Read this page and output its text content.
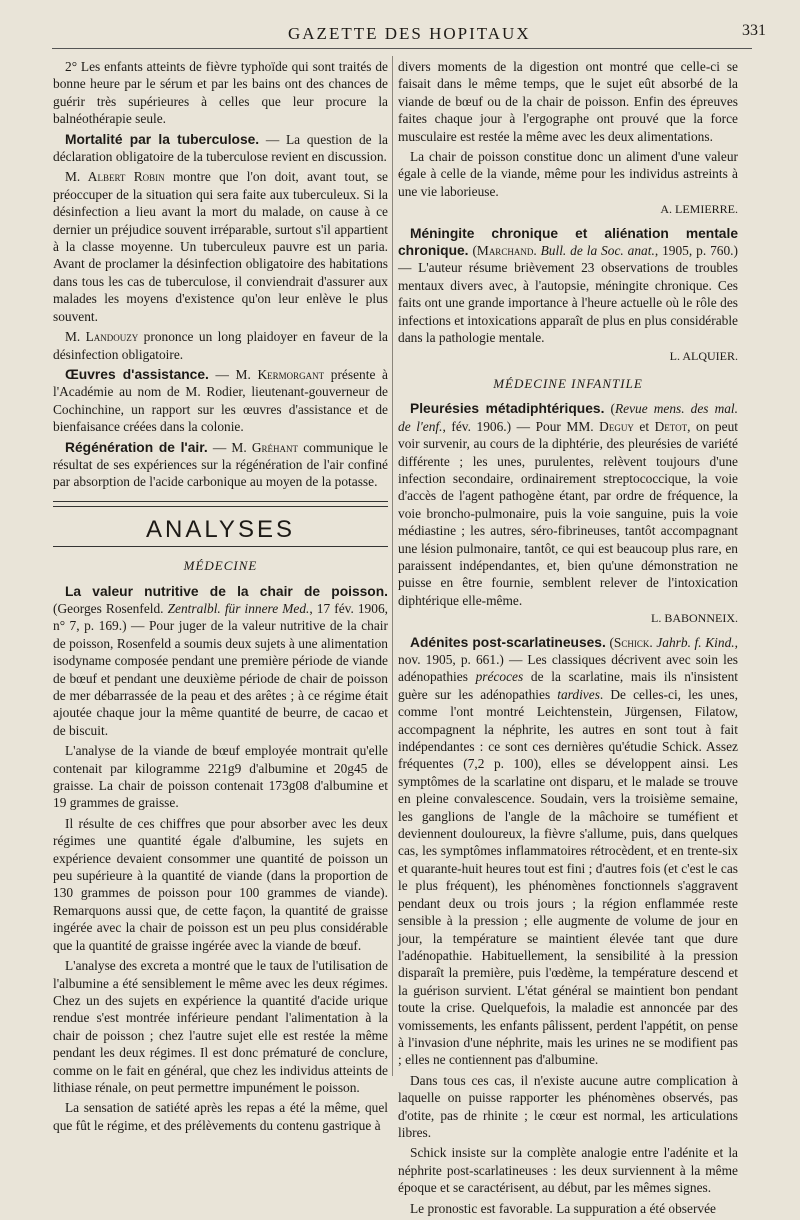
GAZETTE DES HOPITAUX	331

2° Les enfants atteints de fièvre typhoïde qui sont traités de bonne heure par le sérum et par les bains ont des chances de guérir très supérieures à celles que leur procure la balnéothérapie seule.

Mortalité par la tuberculose. — La question de la déclaration obligatoire de la tuberculose revient en discussion.

M. Albert Robin montre que l'on doit, avant tout, se préoccuper de la situation qui sera faite aux tuberculeux. Si la désinfection a lieu avant la mort du malade, on cause à ce dernier un préjudice souvent irréparable, surtout s'il appartient à la classe moyenne. Un tuberculeux pauvre est un paria. Avant de proclamer la désinfection obligatoire des habitations dans tous les cas de tuberculose, il conviendrait d'assurer aux malades les moyens d'existence qu'on leur enlève le plus souvent.

M. Landouzy prononce un long plaidoyer en faveur de la désinfection obligatoire.

Œuvres d'assistance. — M. Kermorgant présente à l'Académie au nom de M. Rodier, lieutenant-gouverneur de Cochinchine, un rapport sur les œuvres d'assistance et de bienfaisance créées dans la colonie.

Régénération de l'air. — M. Gréhant communique le résultat de ses expériences sur la régénération de l'air confiné par absorption de l'acide carbonique au moyen de la potasse.

ANALYSES
MÉDECINE

La valeur nutritive de la chair de poisson. (Georges Rosenfeld. Zentralbl. für innere Med., 17 fév. 1906, n° 7, p. 169.) — Pour juger de la valeur nutritive de la chair de poisson, Rosenfeld a soumis deux sujets à une alimentation isodyname composée pendant une première période de viande de bœuf et pendant une deuxième période de chair de poisson de mer débarrassée de la peau et des arêtes ; à ce régime était ajoutée chaque jour la même quantité de beurre, de cacao et de biscuit.

L'analyse de la viande de bœuf employée montrait qu'elle contenait par kilogramme 221g9 d'albumine et 20g45 de graisse. La chair de poisson contenait 173g08 d'albumine et 19 grammes de graisse.

Il résulte de ces chiffres que pour absorber avec les deux régimes une quantité égale d'albumine, les sujets en expérience devaient consommer une quantité de poisson un peu supérieure à la quantité de viande (dans la proportion de 130 grammes de poisson pour 100 grammes de viande). Remarquons aussi que, de cette façon, la quantité de graisse ingérée avec la chair de poisson est un peu plus considérable que la quantité de graisse ingérée avec la viande de bœuf.

L'analyse des excreta a montré que le taux de l'utilisation de l'albumine a été sensiblement le même avec les deux régimes. Chez un des sujets en expérience la quantité d'acide urique rendue s'est montrée inférieure pendant l'alimentation à la chair de poisson ; chez l'autre sujet elle est restée la même pendant les deux régimes. Il est donc prématuré de conclure, comme on le fait en général, que chez les individus atteints de lithiase rénale, on peut permettre impunément le poisson.

La sensation de satiété après les repas a été la même, quel que fût le régime, et des prélèvements du contenu gastrique à

divers moments de la digestion ont montré que celle-ci se faisait dans le même temps, que le sujet eût absorbé de la viande de bœuf ou de la chair de poisson. Enfin des épreuves faites chaque jour à l'ergographe ont prouvé que la force musculaire est restée la même avec les deux alimentations.

La chair de poisson constitue donc un aliment d'une valeur égale à celle de la viande, même pour les individus astreints à une vie laborieuse.

A. LEMIERRE.

Méningite chronique et aliénation mentale chronique. (Marchand. Bull. de la Soc. anat., 1905, p. 760.) — L'auteur résume brièvement 23 observations de troubles mentaux divers avec, à l'autopsie, méningite chronique. Ces faits ont une grande importance à l'heure actuelle où le rôle des infections et intoxications apparaît de plus en plus considérable dans la pathologie mentale.

L. ALQUIER.
MÉDECINE INFANTILE

Pleurésies métadiphtériques. (Revue mens. des mal. de l'enf., fév. 1906.) — Pour MM. Deguy et Detot, on peut voir survenir, au cours de la diphtérie, des pleurésies de variété différente ; les unes, purulentes, relèvent toujours d'une infection secondaire, ordinairement streptococcique, la voie d'accès de l'agent pathogène étant, par ordre de fréquence, la voie broncho-pulmonaire, puis la voie sanguine, puis la voie médiastine ; les autres, séro-fibrineuses, tantôt accompagnant une lésion pulmonaire, tantôt, ce qui est beaucoup plus rare, en paraissent indépendantes, et, bien qu'une démonstration ne puisse en être fournie, semblent relever de l'intoxication diphtérique elle-même.

L. BABONNEIX.

Adénites post-scarlatineuses. (Schick. Jahrb. f. Kind., nov. 1905, p. 661.) — Les classiques décrivent avec soin les adénopathies précoces de la scarlatine, mais ils n'insistent guère sur les adénopathies tardives. De celles-ci, les unes, comme l'ont montré Leichtenstein, Jürgensen, Filatow, accompagnent la néphrite, les autres en sont tout à fait indépendantes : ce sont ces dernières qu'étudie Schick. Assez fréquentes (7,2 p. 100), elles se développent ainsi. Les symptômes de la scarlatine ont disparu, et le malade se trouve en pleine convalescence. Soudain, vers la troisième semaine, les ganglions de l'angle de la mâchoire se tuméfient et deviennent douloureux, la fièvre s'allume, puis, dans quelques cas, les symptômes inflammatoires rétrocèdent, et en trente-six et quarante-huit heures tout est fini ; d'autres fois (et c'est le cas le plus fréquent), les phénomènes fonctionnels s'aggravent pendant deux ou trois jours ; la région enflammée reste sensible à la pression ; elle augmente de volume de jour en jour, la température se maintient élevée tant que dure l'adénopathie. Habituellement, la sensibilité à la pression disparaît la première, puis l'œdème, la température descend et la guérison survient. L'état général se maintient bon pendant toute la crise. Quelquefois, la maladie est annoncée par des vomissements, les enfants pâlissent, perdent l'appétit, on pense à l'invasion d'une néphrite, mais les urines ne se modifient pas ; elles ne contiennent pas d'albumine.

Dans tous ces cas, il n'existe aucune autre complication à laquelle on puisse rapporter les phénomènes observés, pas d'otite, pas de rhinite ; le cœur est normal, les articulations libres.

Schick insiste sur la complète analogie entre l'adénite et la néphrite post-scarlatineuses : les deux surviennent à la même époque et se caractérisent, au début, par les mêmes signes.

Le pronostic est favorable. La suppuration a été observée
